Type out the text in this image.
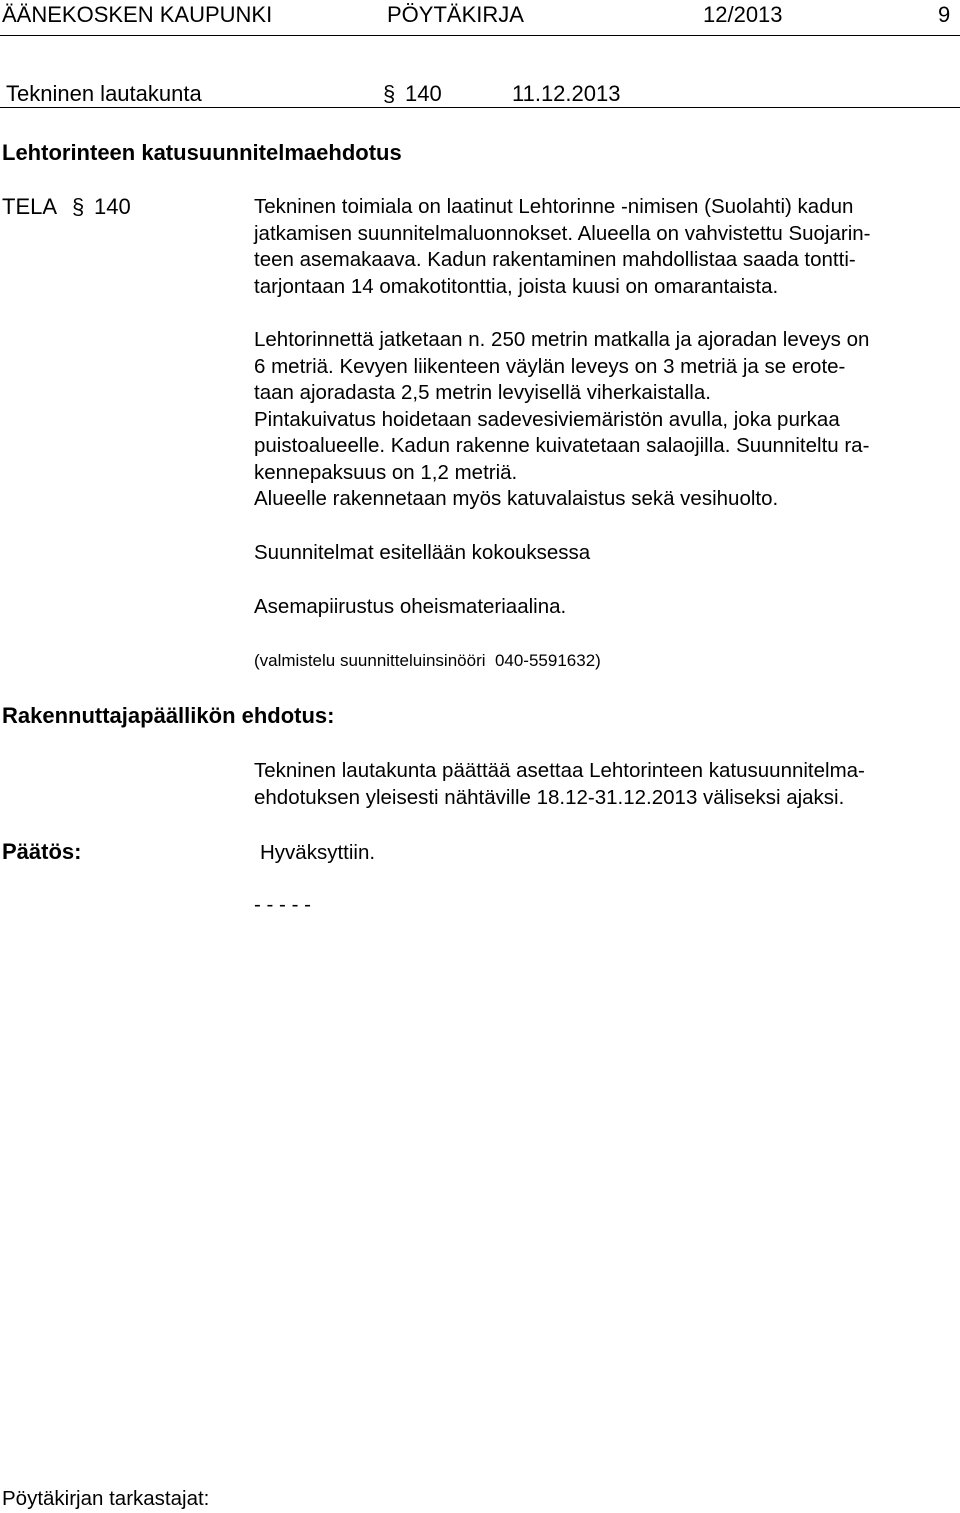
ÄÄNEKOSKEN KAUPUNKI	PÖYTÄKIRJA	12/2013	9
Tekninen lautakunta	§ 140	11.12.2013
Lehtorinteen katusuunnitelmaehdotus
TELA § 140	Tekninen toimiala on laatinut Lehtorinne -nimisen (Suolahti) kadun
jatkamisen suunnitelmaluonnokset. Alueella on vahvistettu Suojarin-
teen asemakaava. Kadun rakentaminen mahdollistaa saada tontti-
tarjontaan 14 omakotitonttia, joista kuusi on omarantaista.
Lehtorinnettä jatketaan n. 250 metrin matkalla ja ajoradan leveys on
6 metriä. Kevyen liikenteen väylän leveys on 3 metriä ja se erote-
taan ajoradasta 2,5 metrin levyisellä viherkaistalla.
Pintakuivatus hoidetaan sadevesiviemäristön avulla, joka purkaa
puistoalueelle. Kadun rakenne kuivatetaan salaojilla. Suunniteltu ra-
kennepaksuus on 1,2 metriä.
Alueelle rakennetaan myös katuvalaistus sekä vesihuolto.
Suunnitelmat esitellään kokouksessa
Asemapiirustus oheismateriaalina.
(valmistelu suunnitteluinsinööri  040-5591632)
Rakennuttajapäällikön ehdotus:
Tekninen lautakunta päättää asettaa Lehtorinteen katusuunnitelma-
ehdotuksen yleisesti nähtäville 18.12-31.12.2013 väliseksi ajaksi.
Päätös:	Hyväksyttiin.
- - - - -
Pöytäkirjan tarkastajat:
